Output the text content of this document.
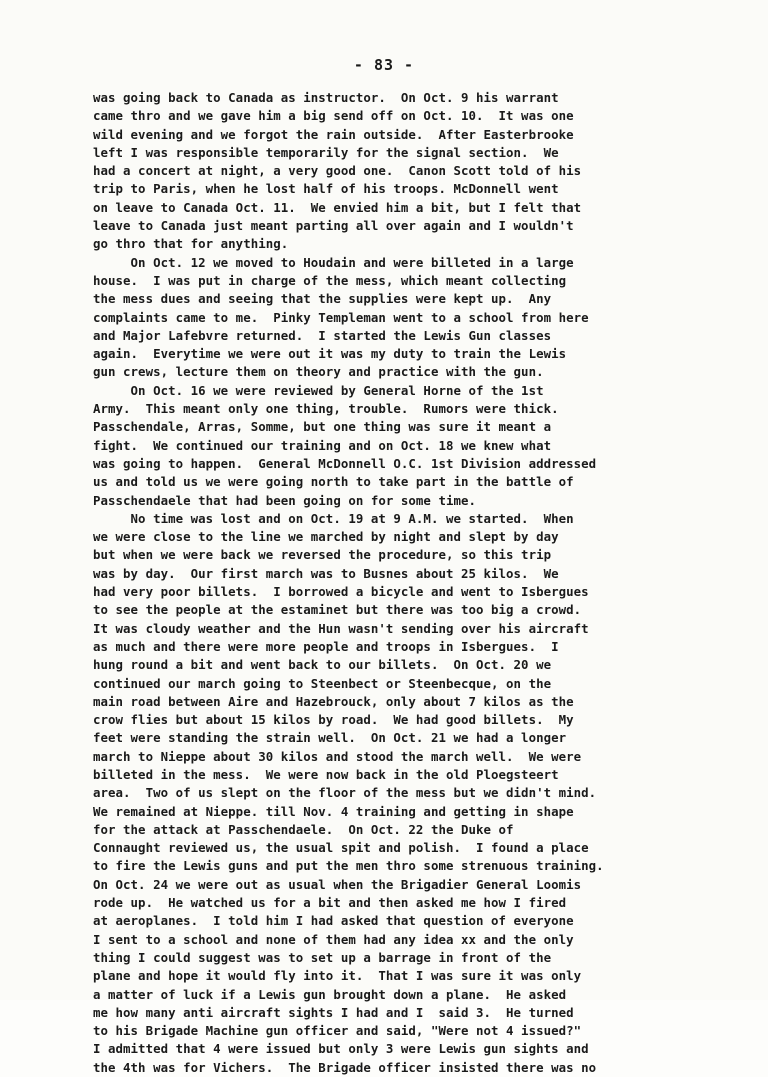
- 83 -
was going back to Canada as instructor.  On Oct. 9 his warrant
came thro and we gave him a big send off on Oct. 10.  It was one
wild evening and we forgot the rain outside.  After Easterbrooke
left I was responsible temporarily for the signal section.  We
had a concert at night, a very good one.  Canon Scott told of his
trip to Paris, when he lost half of his troops. McDonnell went
on leave to Canada Oct. 11.  We envied him a bit, but I felt that
leave to Canada just meant parting all over again and I wouldn't
go thro that for anything.
On Oct. 12 we moved to Houdain and were billeted in a large
house.  I was put in charge of the mess, which meant collecting
the mess dues and seeing that the supplies were kept up.  Any
complaints came to me.  Pinky Templeman went to a school from here
and Major Lafebvre returned.  I started the Lewis Gun classes
again.  Everytime we were out it was my duty to train the Lewis
gun crews, lecture them on theory and practice with the gun.
On Oct. 16 we were reviewed by General Horne of the 1st
Army.  This meant only one thing, trouble.  Rumors were thick.
Passchendale, Arras, Somme, but one thing was sure it meant a
fight.  We continued our training and on Oct. 18 we knew what
was going to happen.  General McDonnell O.C. 1st Division addressed
us and told us we were going north to take part in the battle of
Passchendaele that had been going on for some time.
No time was lost and on Oct. 19 at 9 A.M. we started.  When
we were close to the line we marched by night and slept by day
but when we were back we reversed the procedure, so this trip
was by day.  Our first march was to Busnes about 25 kilos.  We
had very poor billets.  I borrowed a bicycle and went to Isbergues
to see the people at the estaminet but there was too big a crowd.
It was cloudy weather and the Hun wasn't sending over his aircraft
as much and there were more people and troops in Isbergues.  I
hung round a bit and went back to our billets.  On Oct. 20 we
continued our march going to Steenbect or Steenbecque, on the
main road between Aire and Hazebrouck, only about 7 kilos as the
crow flies but about 15 kilos by road.  We had good billets.  My
feet were standing the strain well.  On Oct. 21 we had a longer
march to Nieppe about 30 kilos and stood the march well.  We were
billeted in the mess.  We were now back in the old Ploegsteert
area.  Two of us slept on the floor of the mess but we didn't mind.
We remained at Nieppe. till Nov. 4 training and getting in shape
for the attack at Passchendaele.  On Oct. 22 the Duke of
Connaught reviewed us, the usual spit and polish.  I found a place
to fire the Lewis guns and put the men thro some strenuous training.
On Oct. 24 we were out as usual when the Brigadier General Loomis
rode up.  He watched us for a bit and then asked me how I fired
at aeroplanes.  I told him I had asked that question of everyone
I sent to a school and none of them had any idea xx and the only
thing I could suggest was to set up a barrage in front of the
plane and hope it would fly into it.  That I was sure it was only
a matter of luck if a Lewis gun brought down a plane.  He asked
me how many anti aircraft sights I had and I  said 3.  He turned
to his Brigade Machine gun officer and said, "Were not 4 issued?"
I admitted that 4 were issued but only 3 were Lewis gun sights and
the 4th was for Vichers.  The Brigade officer insisted there was no
